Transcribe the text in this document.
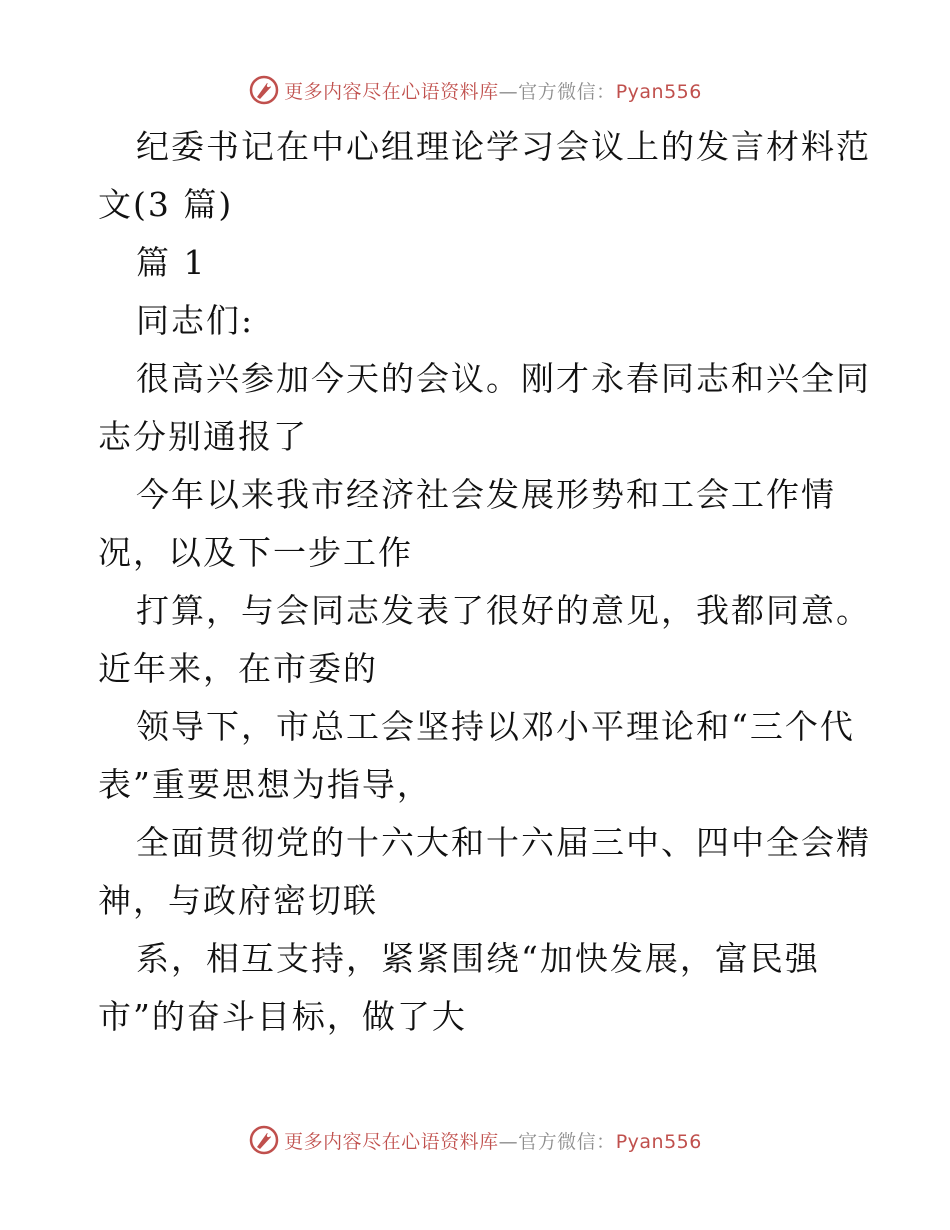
更多内容尽在心语资料库—官方微信：Pyan556
纪委书记在中心组理论学习会议上的发言材料范
文(3 篇)
篇 1
同志们:
很高兴参加今天的会议。刚才永春同志和兴全同
志分别通报了
今年以来我市经济社会发展形势和工会工作情
况，以及下一步工作
打算，与会同志发表了很好的意见，我都同意。
近年来，在市委的
领导下，市总工会坚持以邓小平理论和“三个代
表”重要思想为指导，
全面贯彻党的十六大和十六届三中、四中全会精
神，与政府密切联
系，相互支持，紧紧围绕“加快发展，富民强
市”的奋斗目标，做了大
更多内容尽在心语资料库—官方微信：Pyan556
